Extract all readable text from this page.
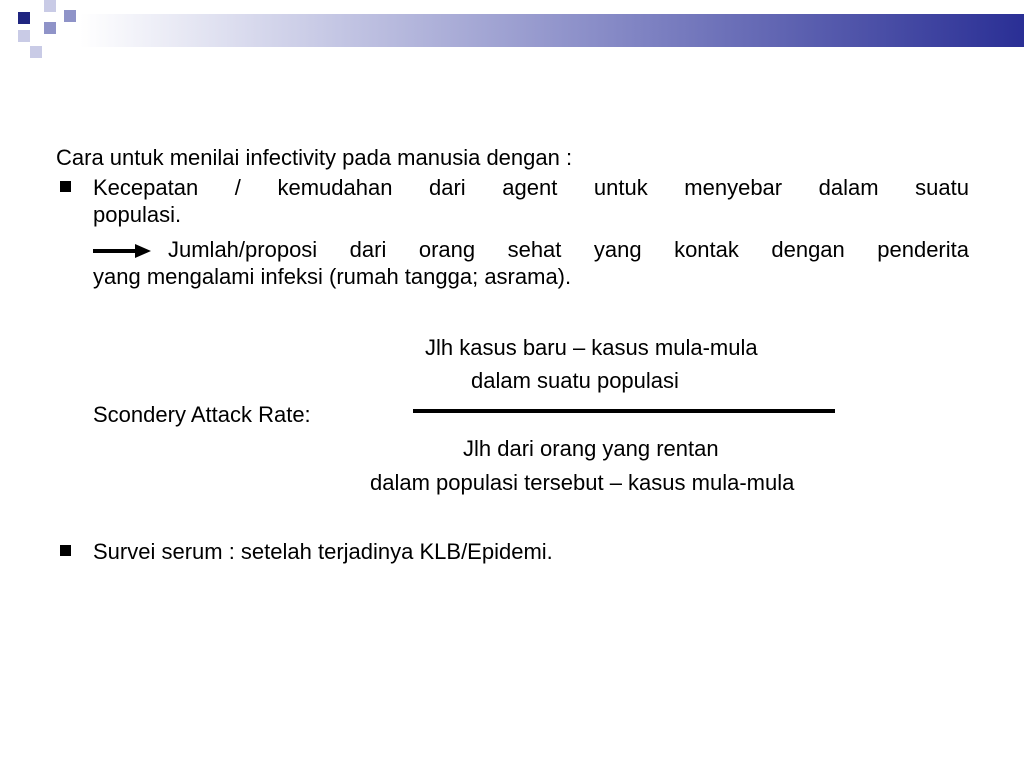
Cara untuk menilai infectivity pada manusia dengan :
Kecepatan / kemudahan dari agent untuk menyebar dalam suatu
populasi.
Jumlah/proposi dari orang sehat yang kontak dengan penderita
yang mengalami infeksi (rumah tangga; asrama).
Jlh kasus baru – kasus mula-mula
dalam suatu populasi
Scondery Attack Rate:
Jlh dari orang yang rentan
dalam populasi tersebut – kasus mula-mula
Survei serum : setelah terjadinya KLB/Epidemi.
